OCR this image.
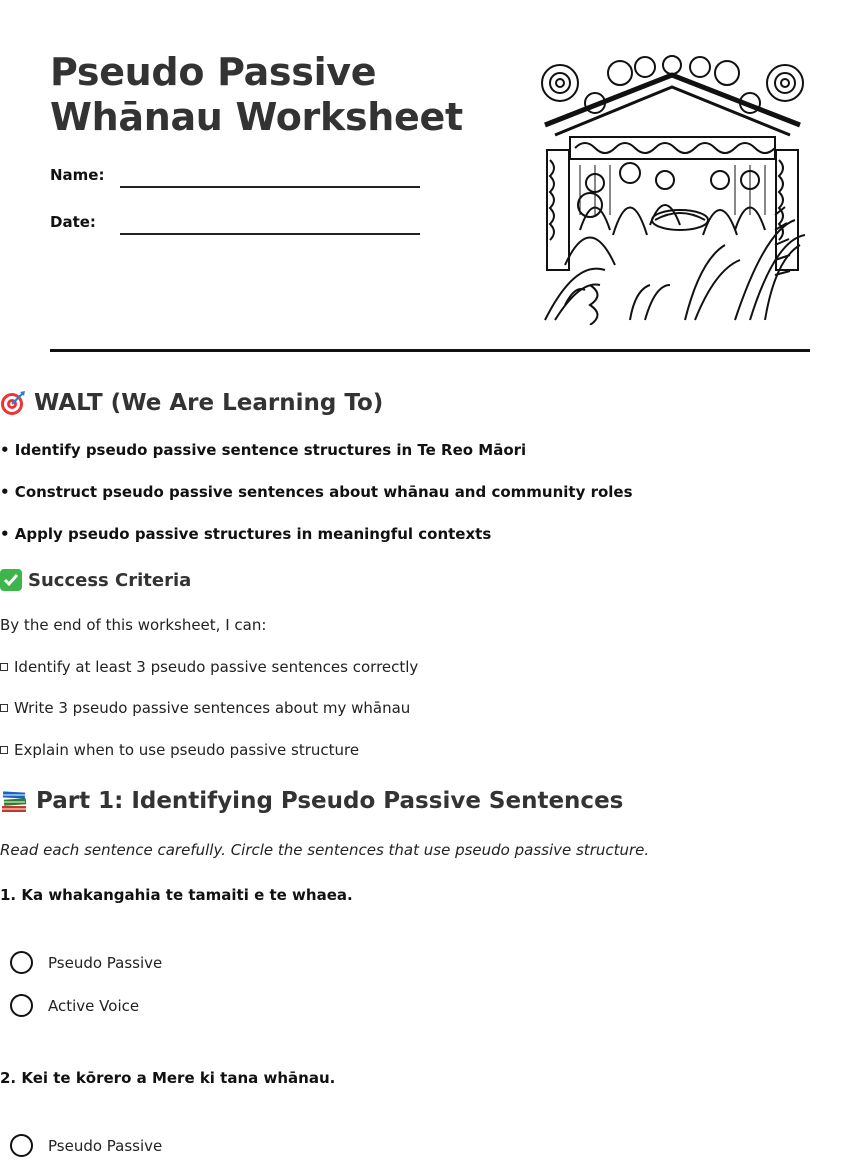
Pseudo Passive Whānau Worksheet
Name:
Date:
WALT (We Are Learning To)

• Identify pseudo passive sentence structures in Te Reo Māori

• Construct pseudo passive sentences about whānau and community roles

• Apply pseudo passive structures in meaningful contexts

Success Criteria

By the end of this worksheet, I can:

Identify at least 3 pseudo passive sentences correctly

Write 3 pseudo passive sentences about my whānau

Explain when to use pseudo passive structure

Part 1: Identifying Pseudo Passive Sentences

Read each sentence carefully. Circle the sentences that use pseudo passive structure.

1. Ka whakangahia te tamaiti e te whaea.

Pseudo Passive
Active Voice

2. Kei te kōrero a Mere ki tana whānau.

Pseudo Passive
